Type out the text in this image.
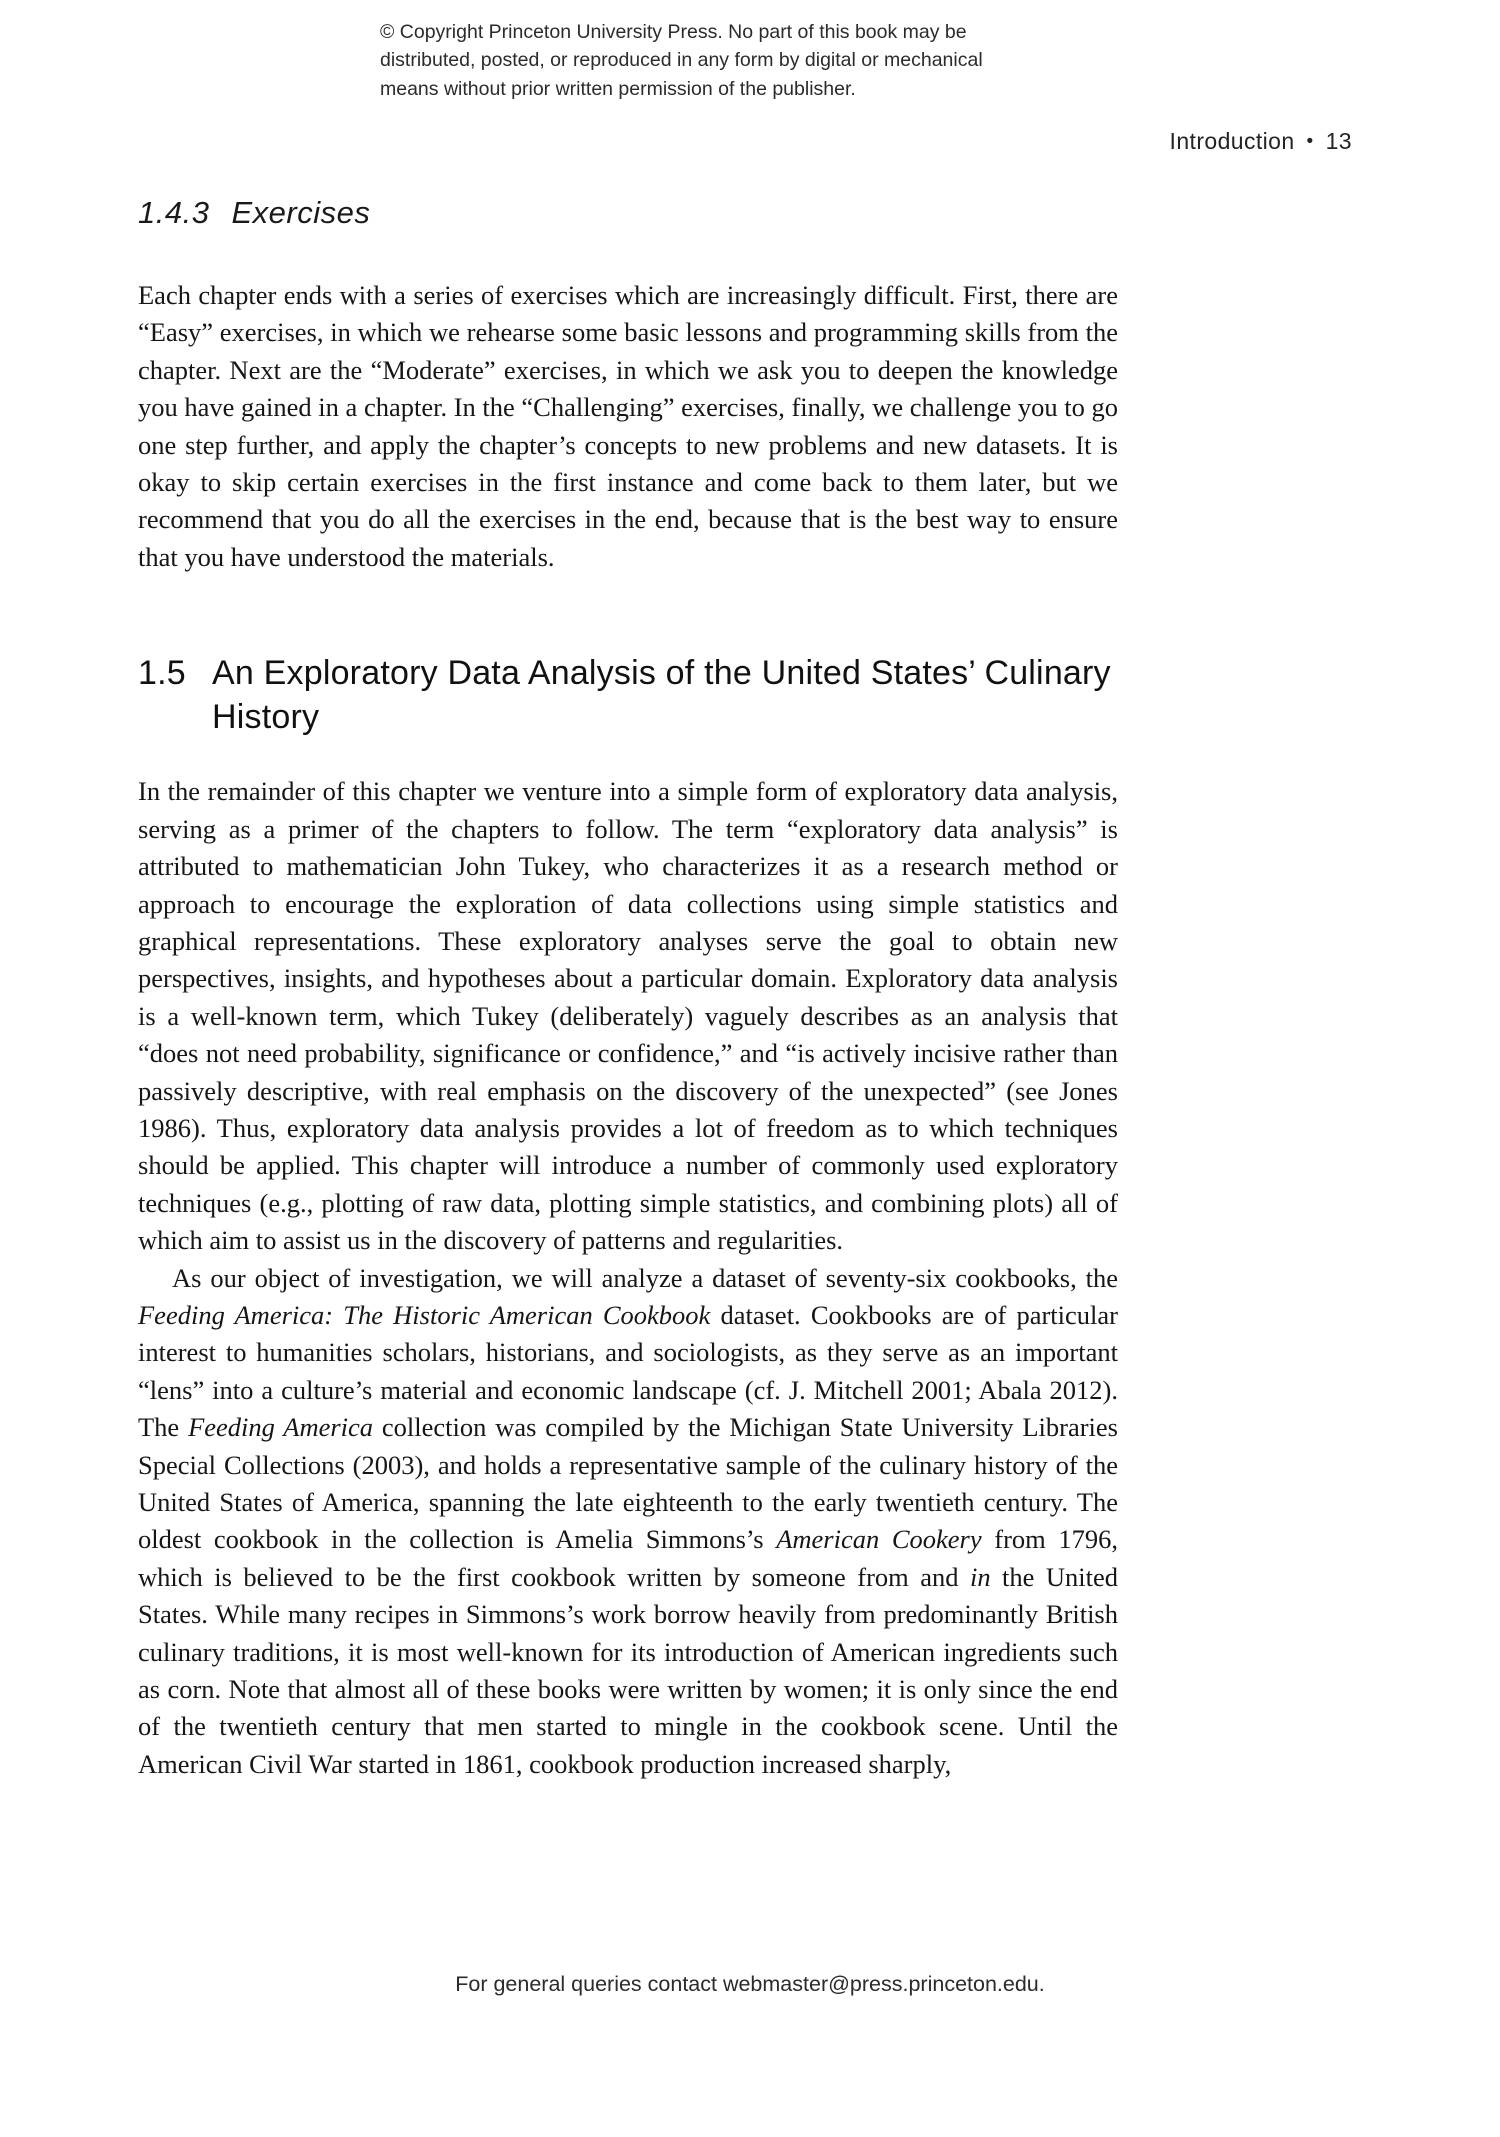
© Copyright Princeton University Press. No part of this book may be
distributed, posted, or reproduced in any form by digital or mechanical
means without prior written permission of the publisher.
Introduction • 13
1.4.3 Exercises

Each chapter ends with a series of exercises which are increasingly difficult. First, there are “Easy” exercises, in which we rehearse some basic lessons and programming skills from the chapter. Next are the “Moderate” exercises, in which we ask you to deepen the knowledge you have gained in a chapter. In the “Challenging” exercises, finally, we challenge you to go one step further, and apply the chapter’s concepts to new problems and new datasets. It is okay to skip certain exercises in the first instance and come back to them later, but we recommend that you do all the exercises in the end, because that is the best way to ensure that you have understood the materials.

1.5 An Exploratory Data Analysis of the United States’ Culinary History

In the remainder of this chapter we venture into a simple form of exploratory data analysis, serving as a primer of the chapters to follow. The term “exploratory data analysis” is attributed to mathematician John Tukey, who characterizes it as a research method or approach to encourage the exploration of data collections using simple statistics and graphical representations. These exploratory analyses serve the goal to obtain new perspectives, insights, and hypotheses about a particular domain. Exploratory data analysis is a well-known term, which Tukey (deliberately) vaguely describes as an analysis that “does not need probability, significance or confidence,” and “is actively incisive rather than passively descriptive, with real emphasis on the discovery of the unexpected” (see Jones 1986). Thus, exploratory data analysis provides a lot of freedom as to which techniques should be applied. This chapter will introduce a number of commonly used exploratory techniques (e.g., plotting of raw data, plotting simple statistics, and combining plots) all of which aim to assist us in the discovery of patterns and regularities.

As our object of investigation, we will analyze a dataset of seventy-six cookbooks, the Feeding America: The Historic American Cookbook dataset. Cookbooks are of particular interest to humanities scholars, historians, and sociologists, as they serve as an important “lens” into a culture’s material and economic landscape (cf. J. Mitchell 2001; Abala 2012). The Feeding America collection was compiled by the Michigan State University Libraries Special Collections (2003), and holds a representative sample of the culinary history of the United States of America, spanning the late eighteenth to the early twentieth century. The oldest cookbook in the collection is Amelia Simmons’s American Cookery from 1796, which is believed to be the first cookbook written by someone from and in the United States. While many recipes in Simmons’s work borrow heavily from predominantly British culinary traditions, it is most well-known for its introduction of American ingredients such as corn. Note that almost all of these books were written by women; it is only since the end of the twentieth century that men started to mingle in the cookbook scene. Until the American Civil War started in 1861, cookbook production increased sharply,

For general queries contact webmaster@press.princeton.edu.
